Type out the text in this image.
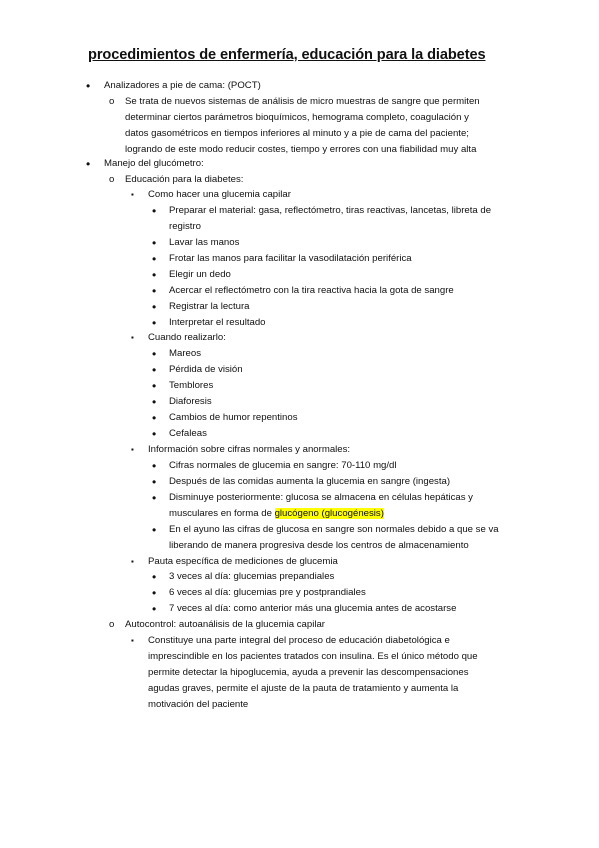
procedimientos de enfermería, educación para la diabetes
•
Analizadores a pie de cama: (POCT)
o
Se trata de nuevos sistemas de análisis de micro muestras de sangre que permiten
determinar ciertos parámetros bioquímicos, hemograma completo, coagulación y
datos gasométricos en tiempos inferiores al minuto y a pie de cama del paciente;
logrando de este modo reducir costes, tiempo y errores con una fiabilidad muy alta
•
Manejo del glucómetro:
o
Educación para la diabetes:
▪
Como hacer una glucemia capilar
•
Preparar el material: gasa, reflectómetro, tiras reactivas, lancetas, libreta de
registro
•
Lavar las manos
•
Frotar las manos para facilitar la vasodilatación periférica
•
Elegir un dedo
•
Acercar el reflectómetro con la tira reactiva hacia la gota de sangre
•
Registrar la lectura
•
Interpretar el resultado
▪
Cuando realizarlo:
•
Mareos
•
Pérdida de visión
•
Temblores
•
Diaforesis
•
Cambios de humor repentinos
•
Cefaleas
▪
Información sobre cifras normales y anormales:
•
Cifras normales de glucemia en sangre: 70-110 mg/dl
•
Después de las comidas aumenta la glucemia en sangre (ingesta)
•
Disminuye posteriormente: glucosa se almacena en células hepáticas y
musculares en forma de glucógeno (glucogénesis)
•
En el ayuno las cifras de glucosa en sangre son normales debido a que se va
liberando de manera progresiva desde los centros de almacenamiento
▪
Pauta específica de mediciones de glucemia
•
3 veces al día: glucemias prepandiales
•
6 veces al día: glucemias pre y postprandiales
•
7 veces al día: como anterior más una glucemia antes de acostarse
o
Autocontrol: autoanálisis de la glucemia capilar
▪
Constituye una parte integral del proceso de educación diabetológica e
imprescindible en los pacientes tratados con insulina. Es el único método que
permite detectar la hipoglucemia, ayuda a prevenir las descompensaciones
agudas graves, permite el ajuste de la pauta de tratamiento y aumenta la
motivación del paciente
